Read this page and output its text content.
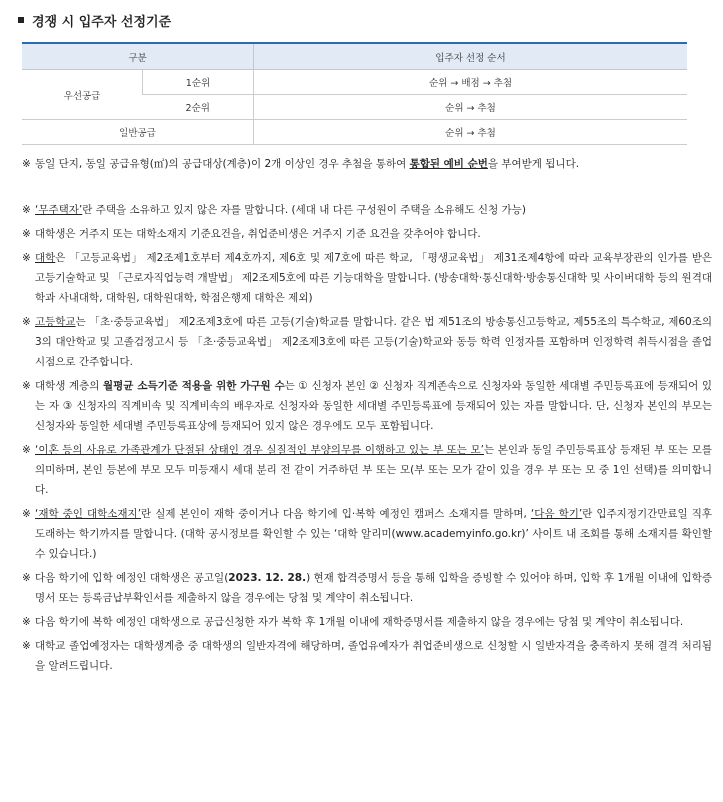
경쟁 시 입주자 선정기준
구분		입주자 선정 순서
우선공급	1순위	순위 → 배점 → 추첨
	2순위	순위 → 추첨
일반공급		순위 → 추첨
※ 동일 단지, 동일 공급유형(㎡)의 공급대상(계층)이 2개 이상인 경우 추첨을 통하여 통합된 예비 순번을 부여받게 됩니다.
※ ‘무주택자’란 주택을 소유하고 있지 않은 자를 말합니다. (세대 내 다른 구성원이 주택을 소유해도 신청 가능)
※ 대학생은 거주지 또는 대학소재지 기준요건을, 취업준비생은 거주지 기준 요건을 갖추어야 합니다.
※ 대학은 「고등교육법」 제2조제1호부터 제4호까지, 제6호 및 제7호에 따른 학교, 「평생교육법」 제31조제4항에 따라 교육부장관의 인가를 받은 고등기술학교 및 「근로자직업능력 개발법」 제2조제5호에 따른 기능대학을 말합니다. (방송대학·통신대학·방송통신대학 및 사이버대학 등의 원격대학과 사내대학, 대학원, 대학원대학, 학점은행제 대학은 제외)
※ 고등학교는 「초·중등교육법」 제2조제3호에 따른 고등(기술)학교를 말합니다. 같은 법 제51조의 방송통신고등학교, 제55조의 특수학교, 제60조의3의 대안학교 및 고졸검정고시 등 「초·중등교육법」 제2조제3호에 따른 고등(기술)학교와 동등 학력 인정자를 포함하며 인정학력 취득시점을 졸업시점으로 간주합니다.
※ 대학생 계층의 월평균 소득기준 적용을 위한 가구원 수는 ① 신청자 본인 ② 신청자 직계존속으로 신청자와 동일한 세대별 주민등록표에 등재되어 있는 자 ③ 신청자의 직계비속 및 직계비속의 배우자로 신청자와 동일한 세대별 주민등록표에 등재되어 있는 자를 말합니다. 단, 신청자 본인의 부모는 신청자와 동일한 세대별 주민등록표상에 등재되어 있지 않은 경우에도 모두 포함됩니다.
※ ‘이혼 등의 사유로 가족관계가 단절된 상태인 경우 실질적인 부양의무를 이행하고 있는 부 또는 모’는 본인과 동일 주민등록표상 등재된 부 또는 모를 의미하며, 본인 등본에 부모 모두 미등재시 세대 분리 전 같이 거주하던 부 또는 모(부 또는 모가 같이 있을 경우 부 또는 모 중 1인 선택)를 의미합니다.
※ ‘재학 중인 대학소재지’란 실제 본인이 재학 중이거나 다음 학기에 입·복학 예정인 캠퍼스 소재지를 말하며, ‘다음 학기’란 입주지정기간만료일 직후 도래하는 학기까지를 말합니다. (대학 공시정보를 확인할 수 있는 ‘대학 알리미(www.academyinfo.go.kr)’ 사이트 내 조회를 통해 소재지를 확인할 수 있습니다.)
※ 다음 학기에 입학 예정인 대학생은 공고일(2023. 12. 28.) 현재 합격증명서 등을 통해 입학을 증빙할 수 있어야 하며, 입학 후 1개월 이내에 입학증명서 또는 등록금납부확인서를 제출하지 않을 경우에는 당첨 및 계약이 취소됩니다.
※ 다음 학기에 복학 예정인 대학생으로 공급신청한 자가 복학 후 1개월 이내에 재학증명서를 제출하지 않을 경우에는 당첨 및 계약이 취소됩니다.
※ 대학교 졸업예정자는 대학생계층 중 대학생의 일반자격에 해당하며, 졸업유예자가 취업준비생으로 신청할 시 일반자격을 충족하지 못해 결격 처리됨을 알려드립니다.
